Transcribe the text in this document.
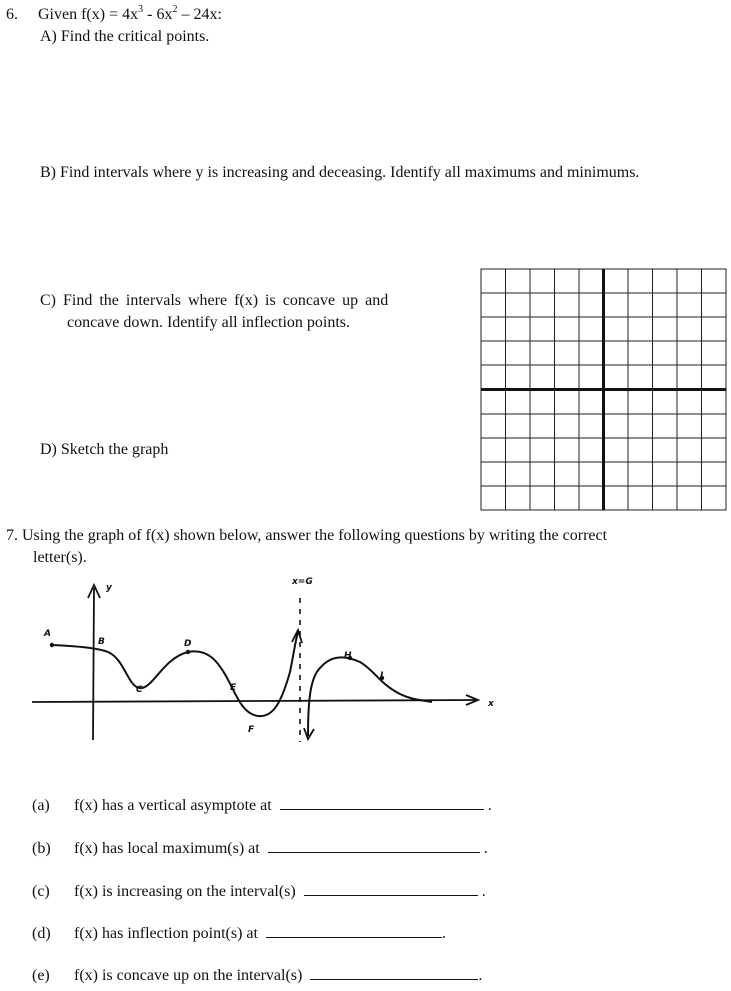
6. Given $f(x) = 4x^3 - 6x^2 - 24x$:
A) Find the critical points.
B) Find intervals where y is increasing and deceasing. Identify all maximums and minimums.
C) Find the intervals where f(x) is concave up and
concave down. Identify all inflection points.
D) Sketch the graph
7. Using the graph of f(x) shown below, answer the following questions by writing the correct
letter(s).
y
x
x=G
A
B
C
D
E
F
H
I
(a) f(x) has a vertical asymptote at	.
(b) f(x) has local maximum(s) at	.
(c) f(x) is increasing on the interval(s)	.
(d) f(x) has inflection point(s) at	.
(e) f(x) is concave up on the interval(s)	.
